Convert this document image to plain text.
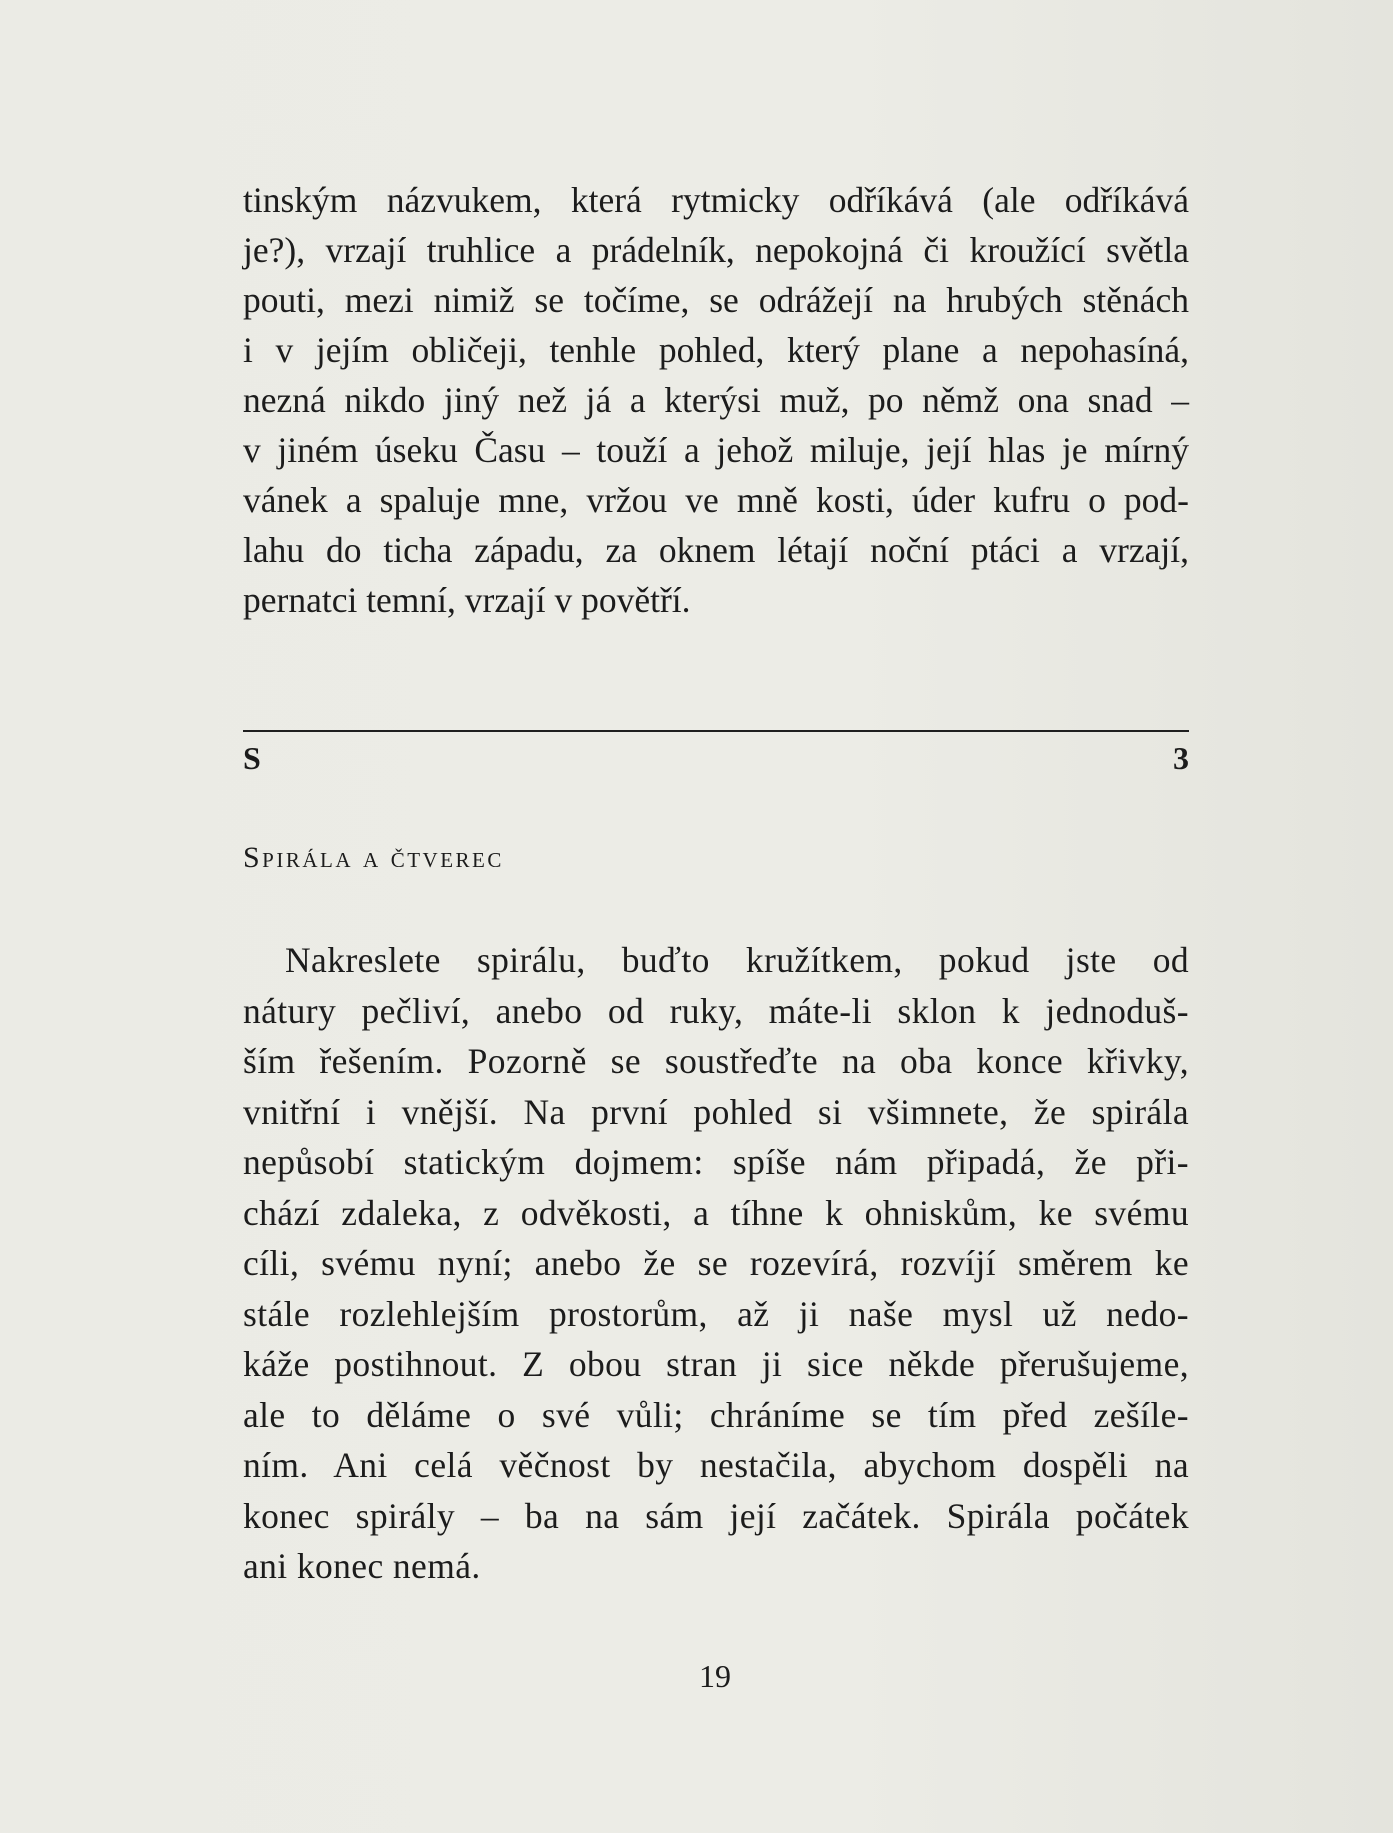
tinským názvukem, která rytmicky odříkává (ale odříkává
je?), vrzají truhlice a prádelník, nepokojná či kroužící světla
pouti, mezi nimiž se točíme, se odrážejí na hrubých stěnách
i v jejím obličeji, tenhle pohled, který plane a nepohasíná,
nezná nikdo jiný než já a kterýsi muž, po němž ona snad –
v jiném úseku Času – touží a jehož miluje, její hlas je mírný
vánek a spaluje mne, vržou ve mně kosti, úder kufru o pod-
lahu do ticha západu, za oknem létají noční ptáci a vrzají,
pernatci temní, vrzají v povětří.
S	3
Spirála a čtverec
Nakreslete spirálu, buďto kružítkem, pokud jste od
nátury pečliví, anebo od ruky, máte-li sklon k jednoduš-
ším řešením. Pozorně se soustřeďte na oba konce křivky,
vnitřní i vnější. Na první pohled si všimnete, že spirála
nepůsobí statickým dojmem: spíše nám připadá, že při-
chází zdaleka, z odvěkosti, a tíhne k ohniskům, ke svému
cíli, svému nyní; anebo že se rozevírá, rozvíjí směrem ke
stále rozlehlejším prostorům, až ji naše mysl už nedo-
káže postihnout. Z obou stran ji sice někde přerušujeme,
ale to děláme o své vůli; chráníme se tím před zešíle-
ním. Ani celá věčnost by nestačila, abychom dospěli na
konec spirály – ba na sám její začátek. Spirála počátek
ani konec nemá.
19
